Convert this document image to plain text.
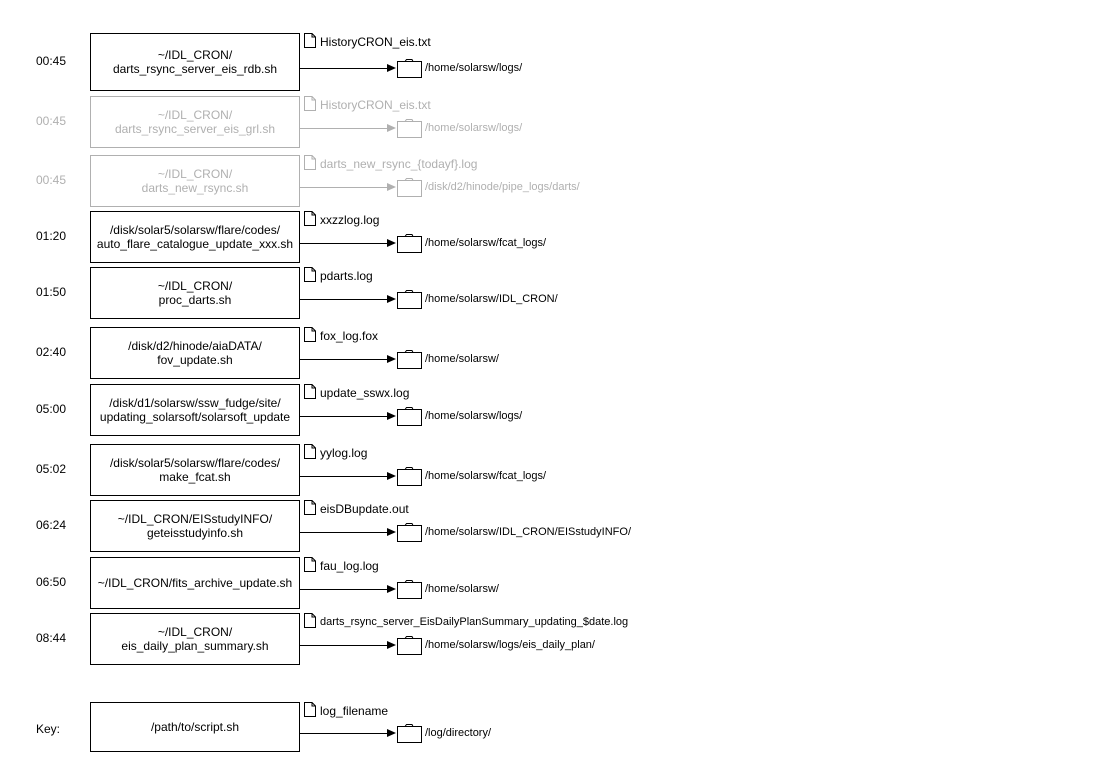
00:45	~/IDL_CRON/
darts_rsync_server_eis_rdb.sh
HistoryCRON_eis.txt
/home/solarsw/logs/
00:45	~/IDL_CRON/
darts_rsync_server_eis_grl.sh
HistoryCRON_eis.txt
/home/solarsw/logs/
00:45	~/IDL_CRON/
darts_new_rsync.sh
darts_new_rsync_{todayf}.log
/disk/d2/hinode/pipe_logs/darts/
01:20	/disk/solar5/solarsw/flare/codes/
auto_flare_catalogue_update_xxx.sh
xxzzlog.log
/home/solarsw/fcat_logs/
01:50	~/IDL_CRON/
proc_darts.sh
pdarts.log
/home/solarsw/IDL_CRON/
02:40	/disk/d2/hinode/aiaDATA/
fov_update.sh
fox_log.fox
/home/solarsw/
05:00	/disk/d1/solarsw/ssw_fudge/site/
updating_solarsoft/solarsoft_update
update_sswx.log
/home/solarsw/logs/
05:02	/disk/solar5/solarsw/flare/codes/
make_fcat.sh
yylog.log
/home/solarsw/fcat_logs/
06:24	~/IDL_CRON/EISstudyINFO/
geteisstudyinfo.sh
eisDBupdate.out
/home/solarsw/IDL_CRON/EISstudyINFO/
06:50	~/IDL_CRON/fits_archive_update.sh
fau_log.log
/home/solarsw/
08:44	~/IDL_CRON/
eis_daily_plan_summary.sh
darts_rsync_server_EisDailyPlanSummary_updating_$date.log
/home/solarsw/logs/eis_daily_plan/
Key:	/path/to/script.sh
log_filename
/log/directory/
